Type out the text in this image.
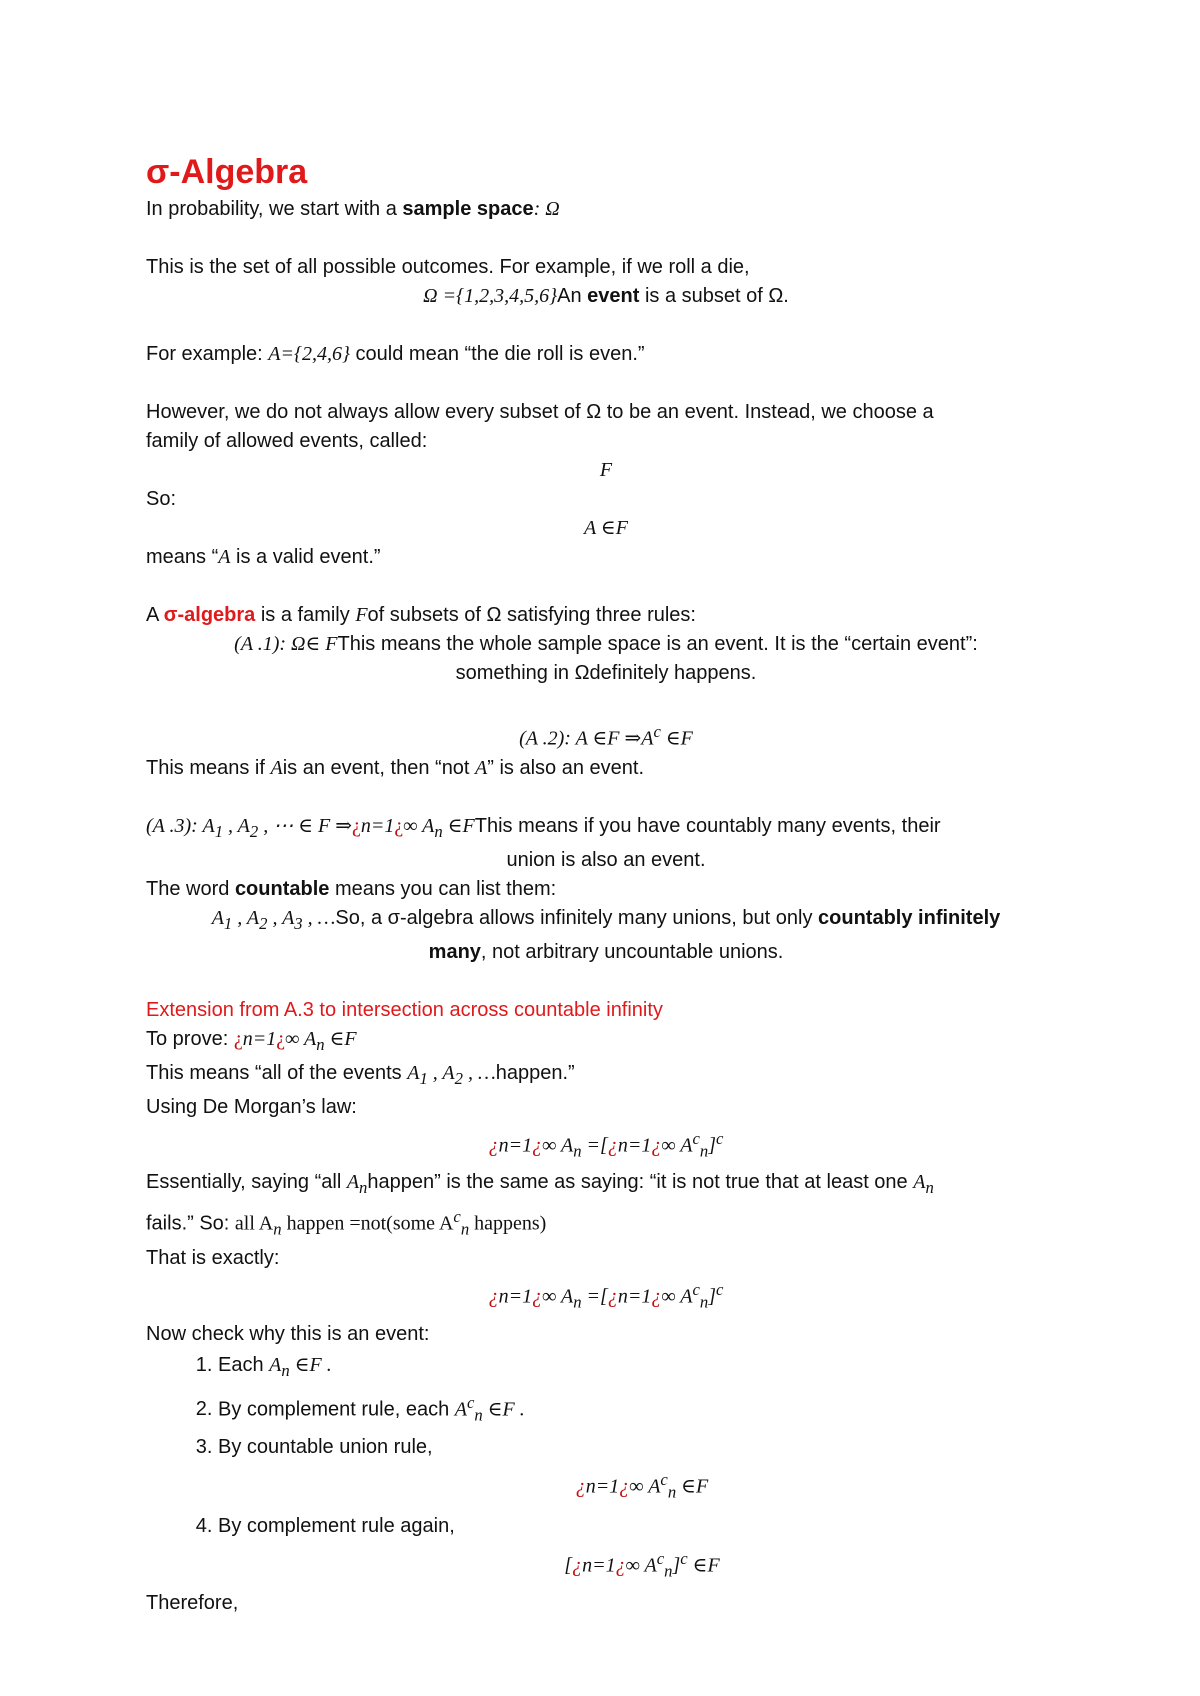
σ-Algebra
In probability, we start with a sample space: Ω
This is the set of all possible outcomes. For example, if we roll a die,
Ω ={1,2,3,4,5,6}An event is a subset of Ω.
For example: A={2,4,6} could mean “the die roll is even.”
However, we do not always allow every subset of Ω to be an event. Instead, we choose a
family of allowed events, called:
F
So:
A ∈F
means “A is a valid event.”
A σ-algebra is a family Fof subsets of Ω satisfying three rules:
(A .1): Ω∈ FThis means the whole sample space is an event. It is the “certain event”:
something in Ωdefinitely happens.
(A .2): A ∈F $\Rightarrow A^c$ ∈F
This means if Ais an event, then “not A” is also an event.
(A .3): $A_1$ , $A_2$ , ⋯ ∈ F ⇒¿n=1¿∞ $A_n$ ∈FThis means if you have countably many events, their
union is also an event.
The word countable means you can list them:
$A_1$ , $A_2$ , $A_3$ , …So, a σ-algebra allows infinitely many unions, but only countably infinitely
many, not arbitrary uncountable unions.
Extension from A.3 to intersection across countable infinity
To prove: ¿n=1¿∞ $A_n$ ∈F
This means “all of the events $A_1$ , $A_2$ , …happen.”
Using De Morgan’s law:
¿n=1¿∞ $A_n$ =[¿n=1¿∞ $A^c_n]^c$
Essentially, saying “all $A_nhappen$” is the same as saying: “it is not true that at least one $A_n$
fails.” So: all $A_n$ happen =not(some $A^c_n$ happens)
That is exactly:
¿n=1¿∞ $A_n$ =[¿n=1¿∞ $A^c_n]^c$
Now check why this is an event:
1. Each $A_n$ ∈F .
2. By complement rule, each $A^c_n$ ∈F .
3. By countable union rule,
¿n=1¿∞ $A^c_n$ ∈F
4. By complement rule again,
[¿n=1¿∞ $A^c_n]^c$ ∈F
Therefore,
